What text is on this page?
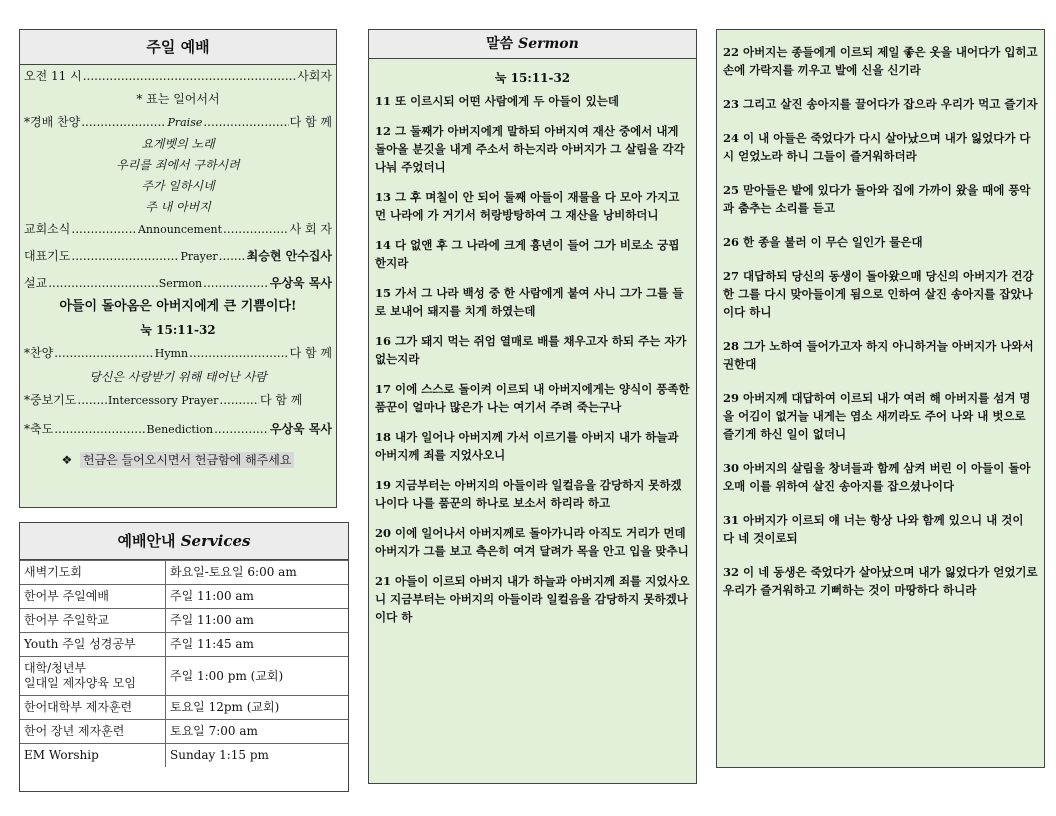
주일 예배
오전 11 시 .....	사회자
* 표는 일어서서
*경배 찬양 .....	Praise .....	다 함 께
요게벳의 노래
우리를 죄에서 구하시려
주가 일하시네
주 내 아버지
교회소식 .....	Announcement .....	사 회 자
대표기도 .....	Prayer ..... 최승현 안수집사
설교 .....	Sermon .....	우상욱 목사
아들이 돌아옴은 아버지에게 큰 기쁨이다!
눅 15:11-32
*찬양 .....	Hymn .....	다 함 께
당신은 사랑받기 위해 태어난 사람
*중보기도 .....	Intercessory Prayer .....	다 함 께
*축도 .....	Benediction .....	우상욱 목사
❖ 헌금은 들어오시면서 헌금함에 해주세요
예배안내 Services
새벽기도회	화요일-토요일 6:00 am
한어부 주일예배	주일 11:00 am
한어부 주일학교	주일 11:00 am
Youth 주일 성경공부	주일 11:45 am
대학/청년부
일대일 제자양육 모임	주일 1:00 pm (교회)
한어대학부 제자훈련	토요일 12pm (교회)
한어 장년 제자훈련	토요일 7:00 am
EM Worship	Sunday 1:15 pm
말씀 Sermon
눅 15:11-32
11 또 이르시되 어떤 사람에게 두 아들이 있는데
12 그 둘째가 아버지에게 말하되 아버지여 재산 중에서 내게 돌아올 분깃을 내게 주소서 하는지라 아버지가 그 살림을 각각 나눠 주었더니
13 그 후 며칠이 안 되어 둘째 아들이 재물을 다 모아 가지고 먼 나라에 가 거기서 허랑방탕하여 그 재산을 낭비하더니
14 다 없앤 후 그 나라에 크게 흉년이 들어 그가 비로소 궁핍한지라
15 가서 그 나라 백성 중 한 사람에게 붙여 사니 그가 그를 들로 보내어 돼지를 치게 하였는데
16 그가 돼지 먹는 쥐엄 열매로 배를 채우고자 하되 주는 자가 없는지라
17 이에 스스로 돌이켜 이르되 내 아버지에게는 양식이 풍족한 품꾼이 얼마나 많은가 나는 여기서 주려 죽는구나
18 내가 일어나 아버지께 가서 이르기를 아버지 내가 하늘과 아버지께 죄를 지었사오니
19 지금부터는 아버지의 아들이라 일컬음을 감당하지 못하겠나이다 나를 품꾼의 하나로 보소서 하리라 하고
20 이에 일어나서 아버지께로 돌아가니라 아직도 거리가 먼데 아버지가 그를 보고 측은히 여겨 달려가 목을 안고 입을 맞추니
21 아들이 이르되 아버지 내가 하늘과 아버지께 죄를 지었사오니 지금부터는 아버지의 아들이라 일컬음을 감당하지 못하겠나이다 하
22 아버지는 종들에게 이르되 제일 좋은 옷을 내어다가 입히고 손에 가락지를 끼우고 발에 신을 신기라
23 그리고 살진 송아지를 끌어다가 잡으라 우리가 먹고 즐기자
24 이 내 아들은 죽었다가 다시 살아났으며 내가 잃었다가 다시 얻었노라 하니 그들이 즐거워하더라
25 맏아들은 밭에 있다가 돌아와 집에 가까이 왔을 때에 풍악과 춤추는 소리를 듣고
26 한 종을 불러 이 무슨 일인가 물은대
27 대답하되 당신의 동생이 돌아왔으매 당신의 아버지가 건강한 그를 다시 맞아들이게 됨으로 인하여 살진 송아지를 잡았나이다 하니
28 그가 노하여 들어가고자 하지 아니하거늘 아버지가 나와서 권한대
29 아버지께 대답하여 이르되 내가 여러 해 아버지를 섬겨 명을 어김이 없거늘 내게는 염소 새끼라도 주어 나와 내 벗으로 즐기게 하신 일이 없더니
30 아버지의 살림을 창녀들과 함께 삼켜 버린 이 아들이 돌아오매 이를 위하여 살진 송아지를 잡으셨나이다
31 아버지가 이르되 얘 너는 항상 나와 함께 있으니 내 것이 다 네 것이로되
32 이 네 동생은 죽었다가 살아났으며 내가 잃었다가 얻었기로 우리가 즐거워하고 기뻐하는 것이 마땅하다 하니라
